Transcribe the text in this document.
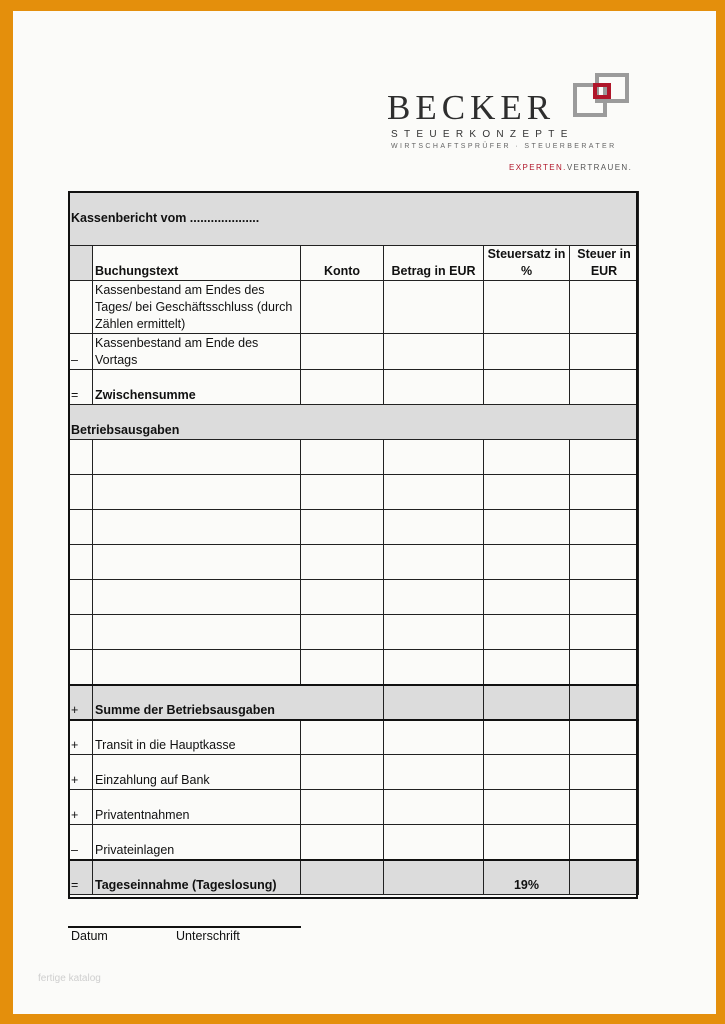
BECKER
STEUERKONZEPTE
WIRTSCHAFTSPRÜFER · STEUERBERATER
EXPERTEN.VERTRAUEN.
Kassenbericht vom ....................					
	Buchungstext	Konto	Betrag in EUR	Steuersatz in %	Steuer in EUR
	Kassenbestand am Endes des Tages/ bei Geschäftsschluss (durch Zählen ermittelt)				
–	Kassenbestand am Ende des Vortags				
=	Zwischensumme				
Betriebsausgaben					

+	Summe der Betriebsausgaben				
+	Transit in die Hauptkasse				
+	Einzahlung auf Bank				
+	Privatentnahmen				
–	Privateinlagen				
=	Tageseinnahme (Tageslosung)			19%	
Datum	Unterschrift
fertige katalog
